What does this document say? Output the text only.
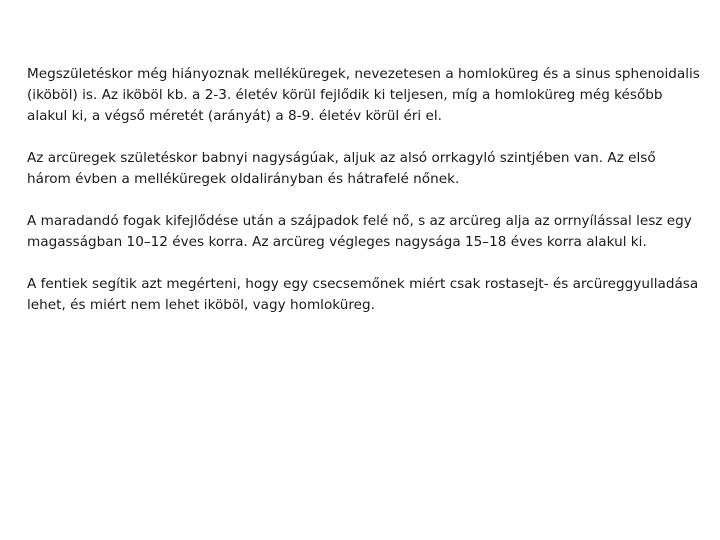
Megszületéskor még hiányoznak melléküregek, nevezetesen a homloküreg és a sinus sphenoidalis (iköböl) is. Az iköböl kb. a 2-3. életév körül fejlődik ki teljesen, míg a homloküreg még később alakul ki, a végső méretét (arányát) a 8-9. életév körül éri el.

Az arcüregek születéskor babnyi nagyságúak, aljuk az alsó orrkagyló szintjében van. Az első három évben a melléküregek oldalirányban és hátrafelé nőnek.

A maradandó fogak kifejlődése után a szájpadok felé nő, s az arcüreg alja az orrnyílással lesz egy magasságban 10–12 éves korra. Az arcüreg végleges nagysága 15–18 éves korra alakul ki.

A fentiek segítik azt megérteni, hogy egy csecsemőnek miért csak rostasejt- és arcüreggyulladása lehet, és miért nem lehet iköböl, vagy homloküreg.
